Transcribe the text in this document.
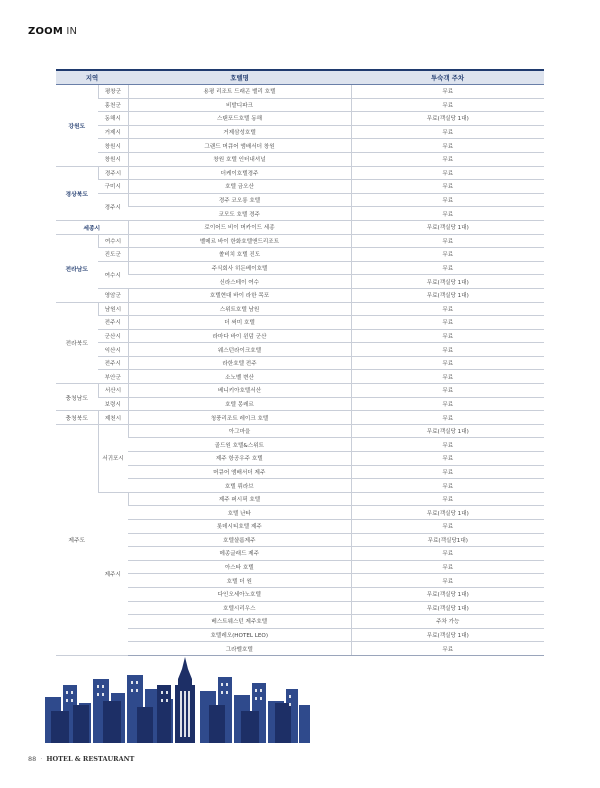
ZOOM IN
지역		호텔명	투숙객 주차
강원도	평창군	용평 리조트 드래곤 밸리 호텔	무료
	홍천군	비발디파크	무료
	동해시	스탠포드호텔 동해	무료(객실당 1대)
	거제시	거제삼성호텔	무료
	창원시	그랜드 머큐어 앰배서더 창원	무료
	창원시	창원 호텔 인터내셔널	무료
경상북도	경주시	더케이호텔경주	무료
	구미시	호텔 금오산	무료
	경주시	경주 코오롱 호텔	무료
		코모도 호텔 경주	무료
세종시		로이어드 비이 머카이드 세종	무료(객실당 1대)
전라남도	여수시	벨메르 바이 한화호텔앤드리조트	무료
	진도군	쏠비치 호텔 진도	무료
	여수시	주식회사 히든베이호텔	무료
		신라스테이 여수	무료(객실당 1대)
	영암군	호텔현대 바이 라한 목포	무료(객실당 1대)
전라북도	남원시	스위트호텔 남원	무료
	전주시	더 써미 호텔	무료
	군산시	라마다 바이 윈덤 군산	무료
	익산시	웨스턴라이크호텔	무료
	전주시	라한호텔 전주	무료
	부안군	소노벨 변산	무료
충청남도	서산시	베니키아호텔서산	무료
	보령시	호텔 몽레르	무료
충청북도	제천시	청풍리조트 레이크 호텔	무료
제주도	서귀포시	아그마을	무료(객실당 1대)
		골드원 호텔&스위트	무료
		제주 항공우주 호텔	무료
		머큐어 앰배서더 제주	무료
		호텔 뤼라브	무료
	제주시	제주 퍼시픽 호텔	무료
		호텔 난타	무료(객실당 1대)
		롯데시티호텔 제주	무료
		호텔샬롬제주	무료(객실당1대)
		메종글래드 제주	무료
		아스타 호텔	무료
		호텔 더 원	무료
		다인오세아노호텔	무료(객실당 1대)
		호텔시리우스	무료(객실당 1대)
		베스트웨스턴 제주호텔	주차 가능
		호텔레오(HOTEL LEO)	무료(객실당 1대)
		그라벨호텔	무료
88 · HOTEL & RESTAURANT
